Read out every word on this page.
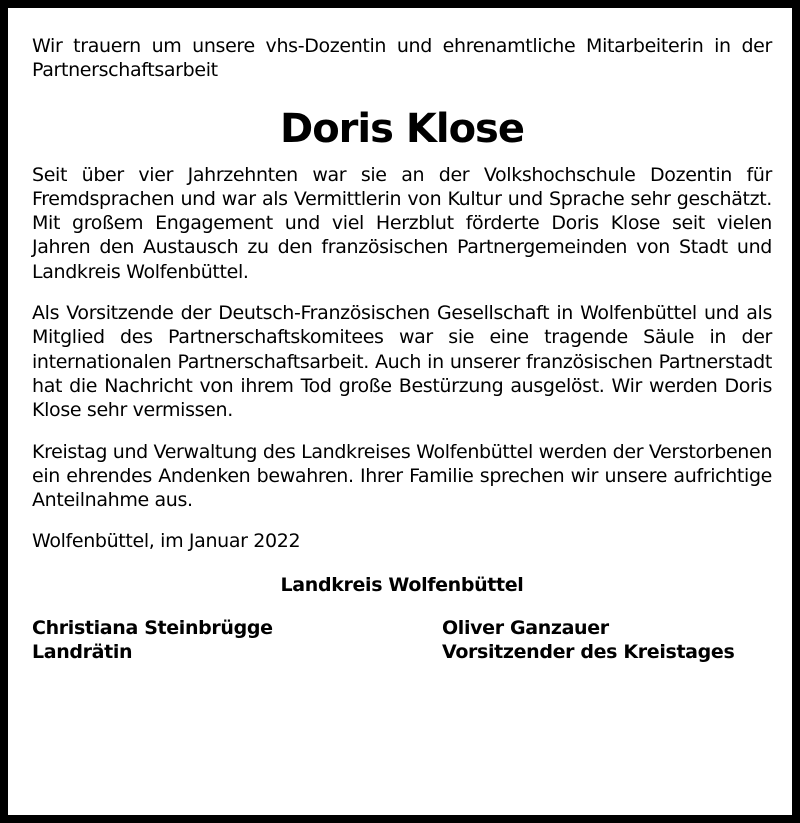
Wir trauern um unsere vhs-Dozentin und ehrenamtliche Mitarbeiterin in der Partnerschaftsarbeit

Doris Klose

Seit über vier Jahrzehnten war sie an der Volkshochschule Dozentin für Fremdsprachen und war als Vermittlerin von Kultur und Sprache sehr geschätzt. Mit großem Engagement und viel Herzblut förderte Doris Klose seit vielen Jahren den Austausch zu den französischen Partnergemeinden von Stadt und Landkreis Wolfenbüttel.

Als Vorsitzende der Deutsch-Französischen Gesellschaft in Wolfenbüttel und als Mitglied des Partnerschaftskomitees war sie eine tragende Säule in der internationalen Partnerschaftsarbeit. Auch in unserer französischen Partnerstadt hat die Nachricht von ihrem Tod große Bestürzung ausgelöst. Wir werden Doris Klose sehr vermissen.

Kreistag und Verwaltung des Landkreises Wolfenbüttel werden der Verstorbenen ein ehrendes Andenken bewahren. Ihrer Familie sprechen wir unsere aufrichtige Anteilnahme aus.

Wolfenbüttel, im Januar 2022

Landkreis Wolfenbüttel
Christiana Steinbrügge
Landrätin
Oliver Ganzauer
Vorsitzender des Kreistages
